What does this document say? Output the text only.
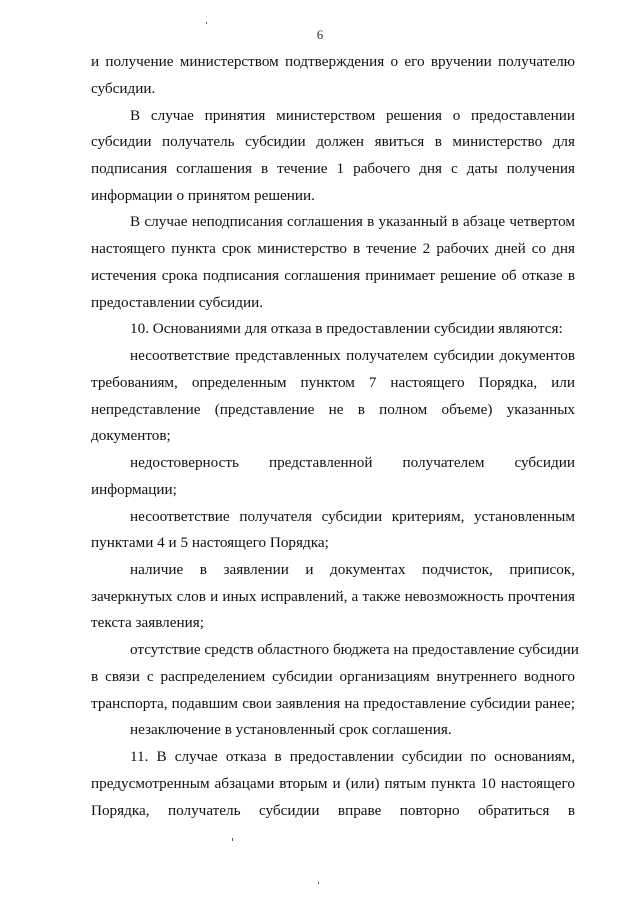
6
и получение министерством подтверждения о его вручении получателю
субсидии.
В случае принятия министерством решения о предоставлении
субсидии получатель субсидии должен явиться в министерство для
подписания соглашения в течение 1 рабочего дня с даты получения
информации о принятом решении.
В случае неподписания соглашения в указанный в абзаце четвертом
настоящего пункта срок министерство в течение 2 рабочих дней со дня
истечения срока подписания соглашения принимает решение об отказе в
предоставлении субсидии.
10. Основаниями для отказа в предоставлении субсидии являются:
несоответствие представленных получателем субсидии документов
требованиям, определенным пунктом 7 настоящего Порядка, или
непредставление (представление не в полном объеме) указанных
документов;
недостоверность представленной получателем субсидии
информации;
несоответствие получателя субсидии критериям, установленным
пунктами 4 и 5 настоящего Порядка;
наличие в заявлении и документах подчисток, приписок,
зачеркнутых слов и иных исправлений, а также невозможность прочтения
текста заявления;
отсутствие средств областного бюджета на предоставление субсидии
в связи с распределением субсидии организациям внутреннего водного
транспорта, подавшим свои заявления на предоставление субсидии ранее;
незаключение в установленный срок соглашения.
11. В случае отказа в предоставлении субсидии по основаниям,
предусмотренным абзацами вторым и (или) пятым пункта 10 настоящего
Порядка, получатель субсидии вправе повторно обратиться в
